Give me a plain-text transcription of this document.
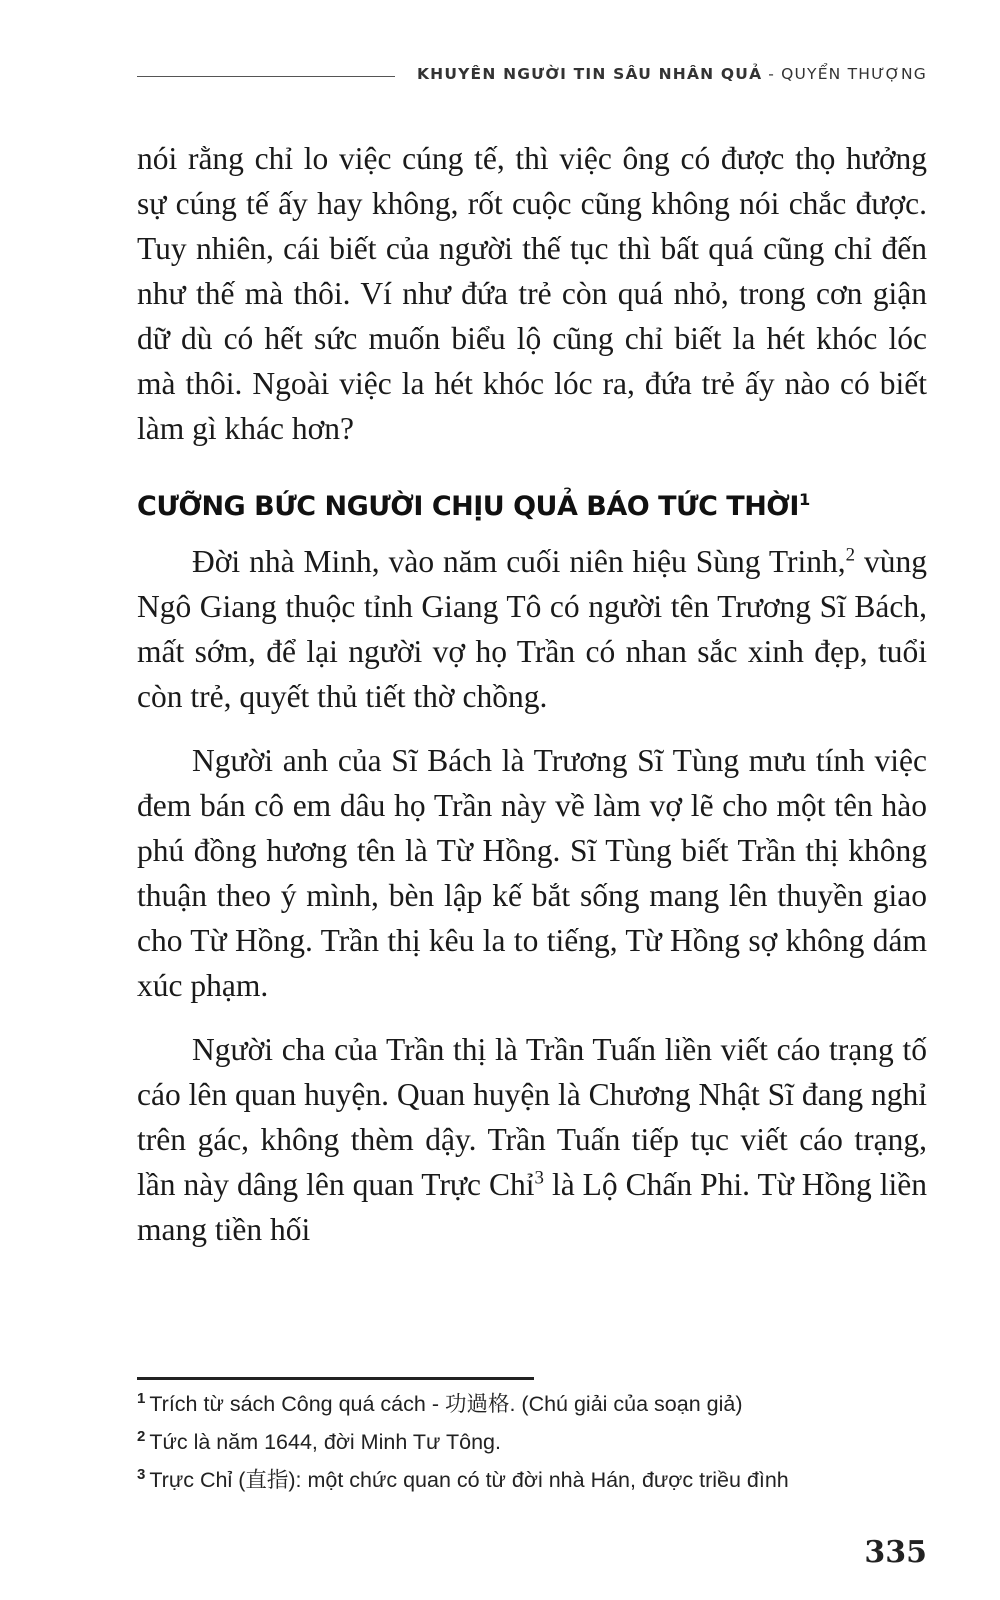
KHUYÊN NGƯỜI TIN SÂU NHÂN QUẢ - QUYỂN THƯỢNG

nói rằng chỉ lo việc cúng tế, thì việc ông có được thọ hưởng sự cúng tế ấy hay không, rốt cuộc cũng không nói chắc được. Tuy nhiên, cái biết của người thế tục thì bất quá cũng chỉ đến như thế mà thôi. Ví như đứa trẻ còn quá nhỏ, trong cơn giận dữ dù có hết sức muốn biểu lộ cũng chỉ biết la hét khóc lóc mà thôi. Ngoài việc la hét khóc lóc ra, đứa trẻ ấy nào có biết làm gì khác hơn?

CƯỠNG BỨC NGƯỜI CHỊU QUẢ BÁO TỨC THỜI$^1$

Đời nhà Minh, vào năm cuối niên hiệu Sùng Trinh,$^2$ vùng Ngô Giang thuộc tỉnh Giang Tô có người tên Trương Sĩ Bách, mất sớm, để lại người vợ họ Trần có nhan sắc xinh đẹp, tuổi còn trẻ, quyết thủ tiết thờ chồng.

Người anh của Sĩ Bách là Trương Sĩ Tùng mưu tính việc đem bán cô em dâu họ Trần này về làm vợ lẽ cho một tên hào phú đồng hương tên là Từ Hồng. Sĩ Tùng biết Trần thị không thuận theo ý mình, bèn lập kế bắt sống mang lên thuyền giao cho Từ Hồng. Trần thị kêu la to tiếng, Từ Hồng sợ không dám xúc phạm.

Người cha của Trần thị là Trần Tuấn liền viết cáo trạng tố cáo lên quan huyện. Quan huyện là Chương Nhật Sĩ đang nghỉ trên gác, không thèm dậy. Trần Tuấn tiếp tục viết cáo trạng, lần này dâng lên quan Trực Chỉ$^3$ là Lộ Chấn Phi. Từ Hồng liền mang tiền hối

1 Trích từ sách Công quá cách - 功過格. (Chú giải của soạn giả)
2 Tức là năm 1644, đời Minh Tư Tông.
3 Trực Chỉ (直指): một chức quan có từ đời nhà Hán, được triều đình
335
